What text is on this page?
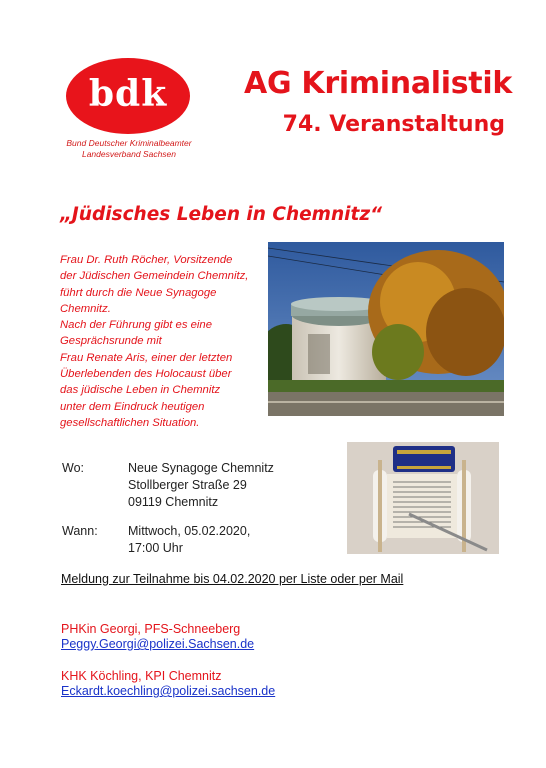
bdk
Bund Deutscher Kriminalbeamter
Landesverband Sachsen
AG Kriminalistik
74. Veranstaltung
„Jüdisches Leben in Chemnitz“
Frau Dr. Ruth Röcher, Vorsitzende
der Jüdischen Gemeindein Chemnitz,
führt durch die Neue Synagoge
Chemnitz.
Nach der Führung gibt es eine
Gesprächsrunde mit
Frau Renate Aris, einer der letzten
Überlebenden des Holocaust über
das jüdische Leben in Chemnitz
unter dem Eindruck heutigen
gesellschaftlichen Situation.
Wo:	Neue Synagoge Chemnitz
Stollberger Straße 29
09119 Chemnitz
Wann: Mittwoch, 05.02.2020,
17:00 Uhr
Meldung zur Teilnahme bis 04.02.2020 per Liste oder per Mail
PHKin Georgi, PFS-Schneeberg
Peggy.Georgi@polizei.Sachsen.de
KHK Köchling, KPI Chemnitz
Eckardt.koechling@polizei.sachsen.de
